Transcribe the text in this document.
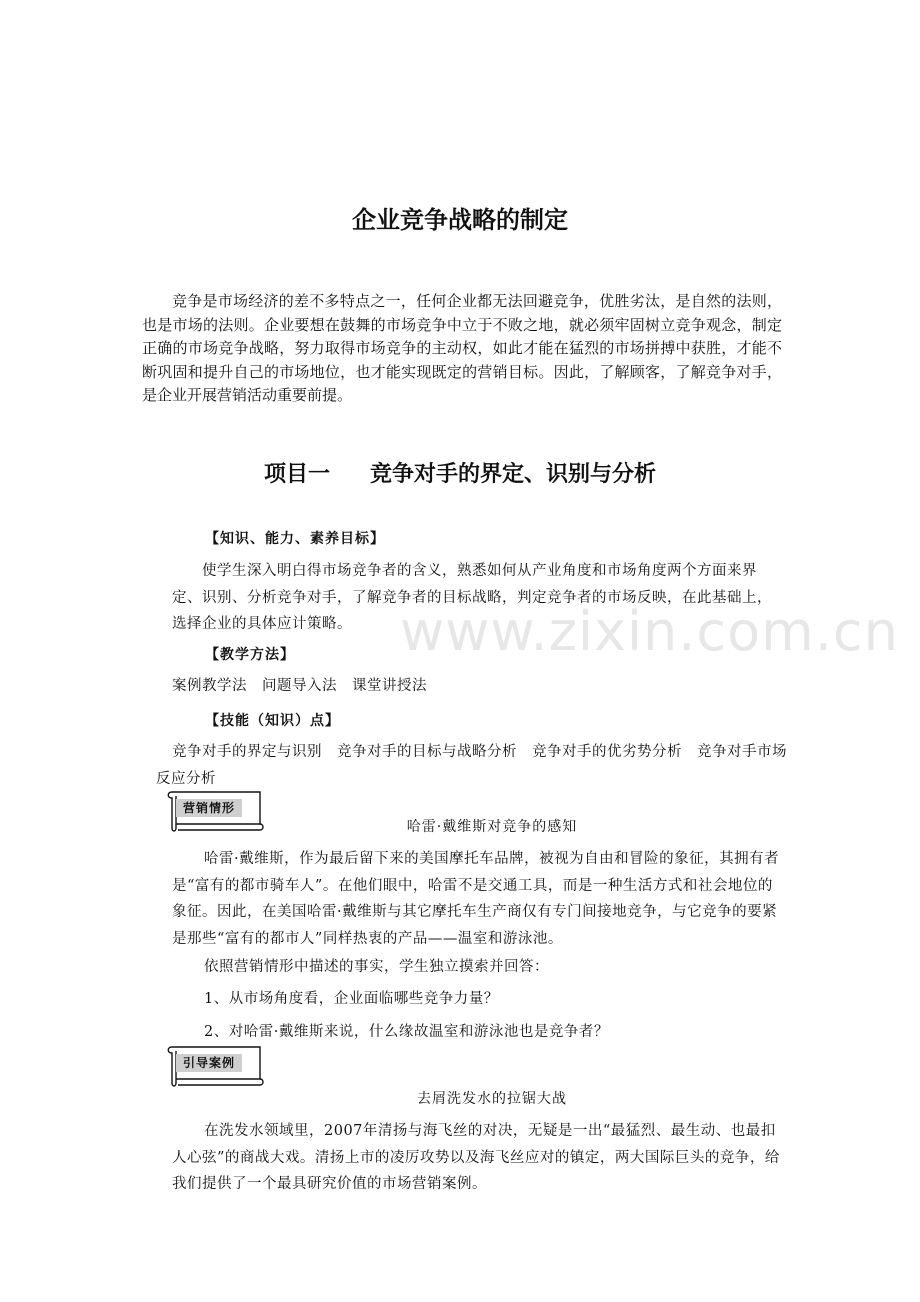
企业竞争战略的制定

竞争是市场经济的差不多特点之一，任何企业都无法回避竞争，优胜劣汰，是自然的法则，也是市场的法则。企业要想在鼓舞的市场竞争中立于不败之地，就必须牢固树立竞争观念，制定正确的市场竞争战略，努力取得市场竞争的主动权，如此才能在猛烈的市场拼搏中获胜，才能不断巩固和提升自己的市场地位，也才能实现既定的营销目标。因此，了解顾客，了解竞争对手，是企业开展营销活动重要前提。

项目一 竞争对手的界定、识别与分析
www.zixin.com.cn

【知识、能力、素养目标】

使学生深入明白得市场竞争者的含义，熟悉如何从产业角度和市场角度两个方面来界定、识别、分析竞争对手，了解竞争者的目标战略，判定竞争者的市场反映，在此基础上，选择企业的具体应计策略。

【教学方法】

案例教学法　问题导入法　课堂讲授法

【技能（知识）点】

竞争对手的界定与识别　竞争对手的目标与战略分析　竞争对手的优劣势分析　竞争对手市场反应分析

营销情形

哈雷·戴维斯对竞争的感知

哈雷·戴维斯，作为最后留下来的美国摩托车品牌，被视为自由和冒险的象征，其拥有者是“富有的都市骑车人”。在他们眼中，哈雷不是交通工具，而是一种生活方式和社会地位的象征。因此，在美国哈雷·戴维斯与其它摩托车生产商仅有专门间接地竞争，与它竞争的要紧是那些“富有的都市人”同样热衷的产品——温室和游泳池。

依照营销情形中描述的事实，学生独立摸索并回答：

1、从市场角度看，企业面临哪些竞争力量？

2、对哈雷·戴维斯来说，什么缘故温室和游泳池也是竞争者？

引导案例

去屑洗发水的拉锯大战

在洗发水领域里，2007年清扬与海飞丝的对决，无疑是一出“最猛烈、最生动、也最扣人心弦”的商战大戏。清扬上市的凌厉攻势以及海飞丝应对的镇定，两大国际巨头的竞争，给我们提供了一个最具研究价值的市场营销案例。
